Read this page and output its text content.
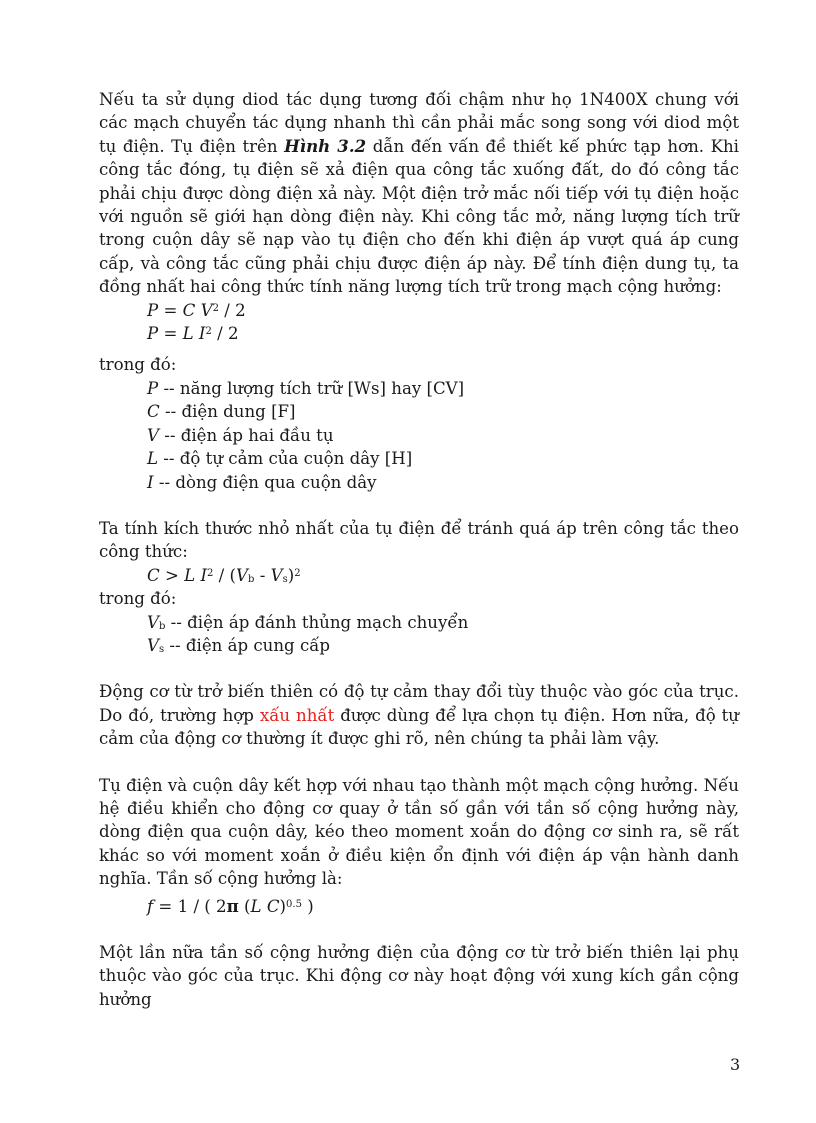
Nếu ta sử dụng diod tác dụng tương đối chậm như họ 1N400X chung với các mạch chuyển tác dụng nhanh thì cần phải mắc song song với diod một tụ điện. Tụ điện trên Hình 3.2 dẫn đến vấn đề thiết kế phức tạp hơn. Khi công tắc đóng, tụ điện sẽ xả điện qua công tắc xuống đất, do đó công tắc phải chịu được dòng điện xả này. Một điện trở mắc nối tiếp với tụ điện hoặc với nguồn sẽ giới hạn dòng điện này. Khi công tắc mở, năng lượng tích trữ trong cuộn dây sẽ nạp vào tụ điện cho đến khi điện áp vượt quá áp cung cấp, và công tắc cũng phải chịu được điện áp này. Để tính điện dung tụ, ta đồng nhất hai công thức tính năng lượng tích trữ trong mạch cộng hưởng:

P = C $V^2 / 2$

P = L $I^2 / 2$

trong đó:

P -- năng lượng tích trữ [Ws] hay [CV]

C -- điện dung [F]

V -- điện áp hai đầu tụ

L -- độ tự cảm của cuộn dây [H]

I -- dòng điện qua cuộn dây

Ta tính kích thước nhỏ nhất của tụ điện để tránh quá áp trên công tắc theo công thức:

C > L $I^2 / (V_b - V_s)^2$

trong đó:

$V_b$ -- điện áp đánh thủng mạch chuyển

$V_s$ -- điện áp cung cấp

Động cơ từ trở biến thiên có độ tự cảm thay đổi tùy thuộc vào góc của trục. Do đó, trường hợp xấu nhất được dùng để lựa chọn tụ điện. Hơn nữa, độ tự cảm của động cơ thường ít được ghi rõ, nên chúng ta phải làm vậy.

Tụ điện và cuộn dây kết hợp với nhau tạo thành một mạch cộng hưởng. Nếu hệ điều khiển cho động cơ quay ở tần số gần với tần số cộng hưởng này, dòng điện qua cuộn dây, kéo theo moment xoắn do động cơ sinh ra, sẽ rất khác so với moment xoắn ở điều kiện ổn định với điện áp vận hành danh nghĩa. Tần số cộng hưởng là:

f = 1 / ( 2π (L C)$^{0.5}$ )

Một lần nữa tần số cộng hưởng điện của động cơ từ trở biến thiên lại phụ thuộc vào góc của trục. Khi động cơ này hoạt động với xung kích gần cộng hưởng

3
